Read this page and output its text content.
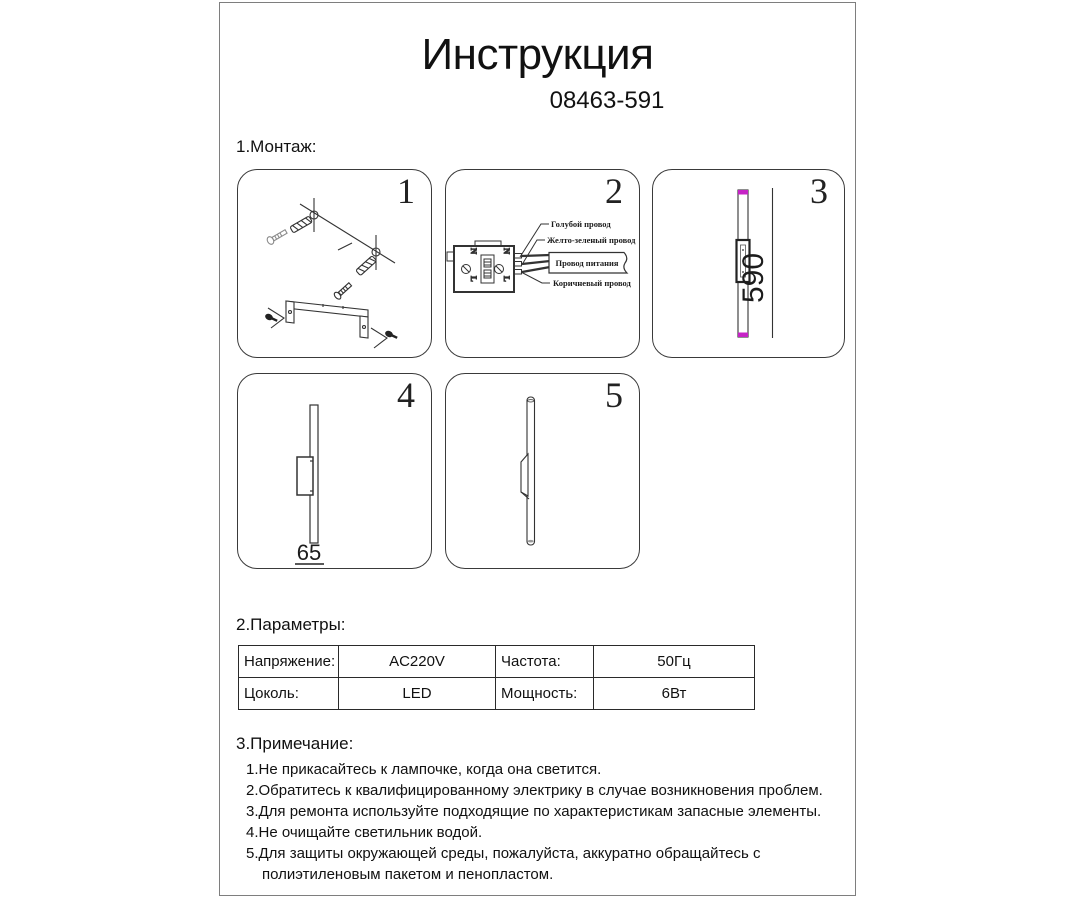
Инструкция
08463-591
1.Монтаж:
1
N
L
N
L
Голубой провод
Желто-зеленый провод
Провод питания
Коричневый провод
2
590
3
65
4	5
2.Параметры:
Напряжение:	AC220V	Частота:	50Гц
Цоколь:	LED	Мощность:	6Вт
3.Примечание:
1.Не прикасайтесь к лампочке, когда она светится.
2.Обратитесь к квалифицированному электрику в случае возникновения проблем.
3.Для ремонта используйте подходящие по характеристикам запасные элементы.
4.Не очищайте светильник водой.
5.Для защиты окружающей среды, пожалуйста, аккуратно обращайтесь с полиэтиленовым пакетом и пенопластом.
